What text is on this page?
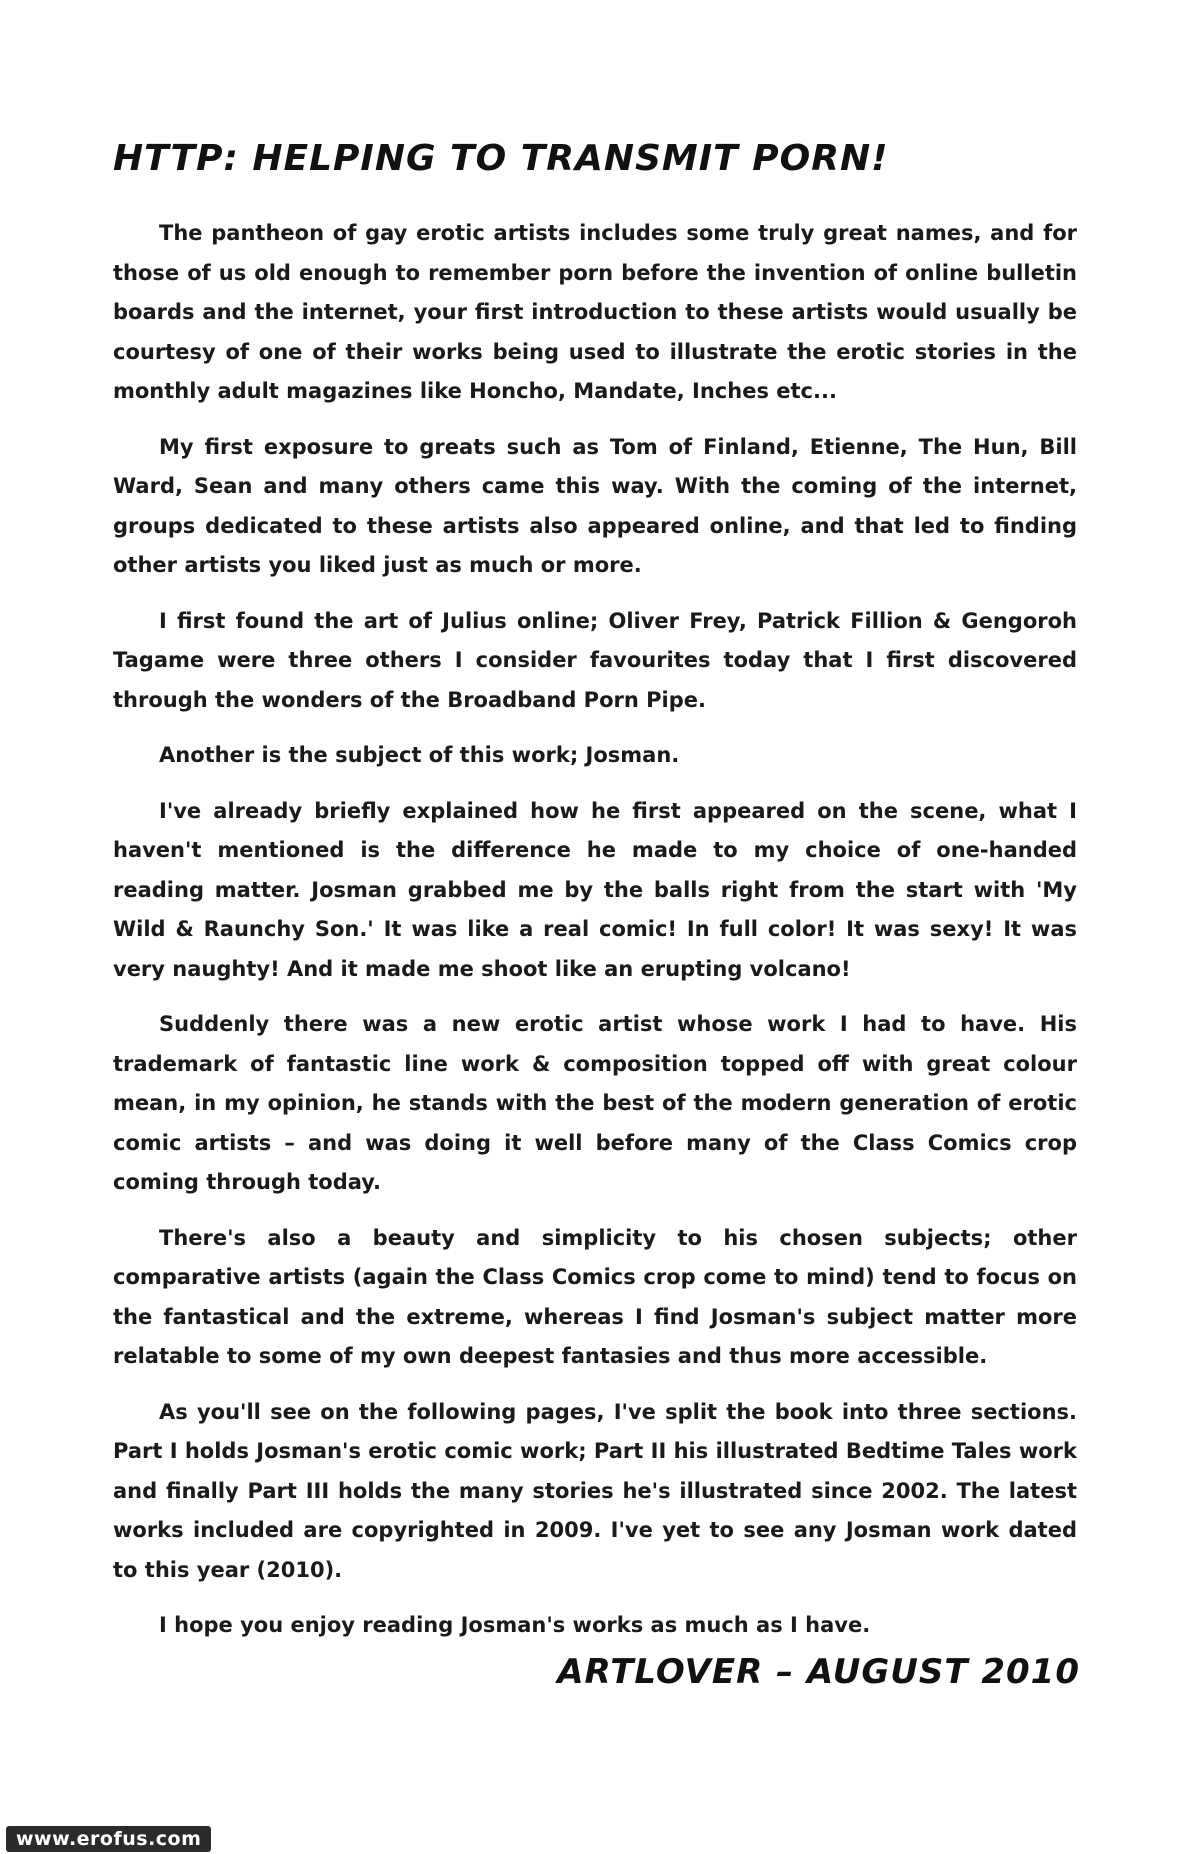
HTTP: HELPING TO TRANSMIT PORN!

The pantheon of gay erotic artists includes some truly great names, and for those of us old enough to remember porn before the invention of online bulletin boards and the internet, your first introduction to these artists would usually be courtesy of one of their works being used to illustrate the erotic stories in the monthly adult magazines like Honcho, Mandate, Inches etc...

My first exposure to greats such as Tom of Finland, Etienne, The Hun, Bill Ward, Sean and many others came this way. With the coming of the internet, groups dedicated to these artists also appeared online, and that led to finding other artists you liked just as much or more.

I first found the art of Julius online; Oliver Frey, Patrick Fillion & Gengoroh Tagame were three others I consider favourites today that I first discovered through the wonders of the Broadband Porn Pipe.

Another is the subject of this work; Josman.

I've already briefly explained how he first appeared on the scene, what I haven't mentioned is the difference he made to my choice of one-handed reading matter. Josman grabbed me by the balls right from the start with 'My Wild & Raunchy Son.' It was like a real comic! In full color! It was sexy! It was very naughty! And it made me shoot like an erupting volcano!

Suddenly there was a new erotic artist whose work I had to have. His trademark of fantastic line work & composition topped off with great colour mean, in my opinion, he stands with the best of the modern generation of erotic comic artists – and was doing it well before many of the Class Comics crop coming through today.

There's also a beauty and simplicity to his chosen subjects; other comparative artists (again the Class Comics crop come to mind) tend to focus on the fantastical and the extreme, whereas I find Josman's subject matter more relatable to some of my own deepest fantasies and thus more accessible.

As you'll see on the following pages, I've split the book into three sections. Part I holds Josman's erotic comic work; Part II his illustrated Bedtime Tales work and finally Part III holds the many stories he's illustrated since 2002. The latest works included are copyrighted in 2009. I've yet to see any Josman work dated to this year (2010).

I hope you enjoy reading Josman's works as much as I have.

ARTLOVER – AUGUST 2010
www.erofus.com
